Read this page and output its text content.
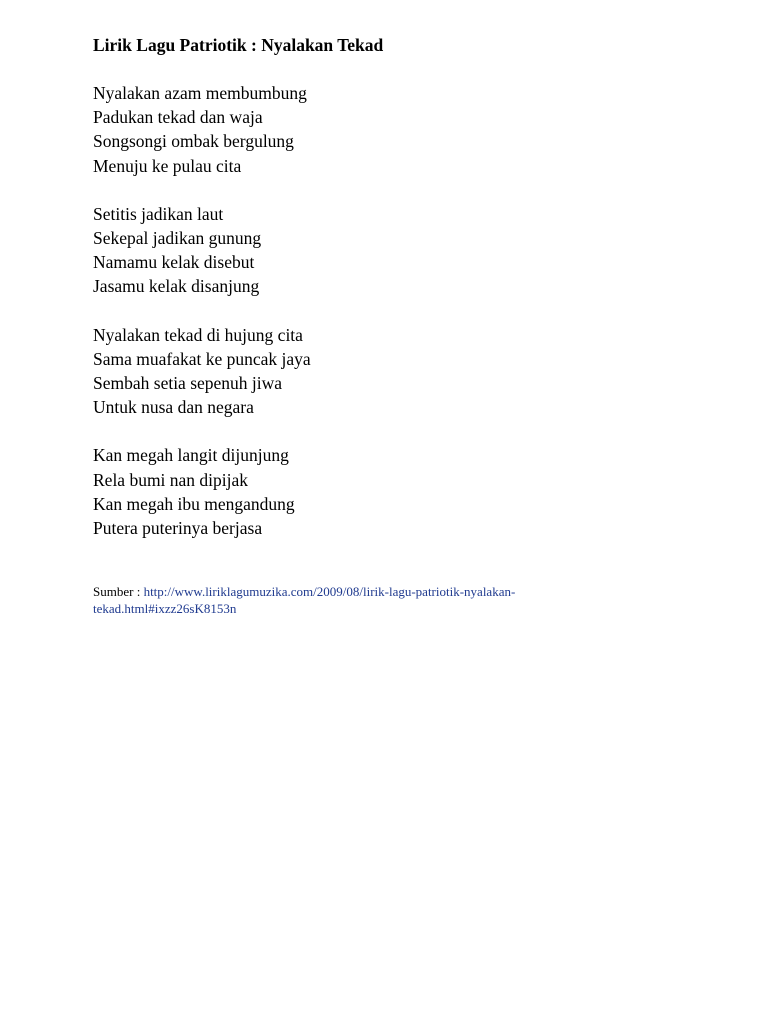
Lirik Lagu Patriotik : Nyalakan Tekad
Nyalakan azam membumbung
Padukan tekad dan waja
Songsongi ombak bergulung
Menuju ke pulau cita
Setitis jadikan laut
Sekepal jadikan gunung
Namamu kelak disebut
Jasamu kelak disanjung
Nyalakan tekad di hujung cita
Sama muafakat ke puncak jaya
Sembah setia sepenuh jiwa
Untuk nusa dan negara
Kan megah langit dijunjung
Rela bumi nan dipijak
Kan megah ibu mengandung
Putera puterinya berjasa
Sumber : http://www.liriklagumuzika.com/2009/08/lirik-lagu-patriotik-nyalakan-tekad.html#ixzz26sK8153n
